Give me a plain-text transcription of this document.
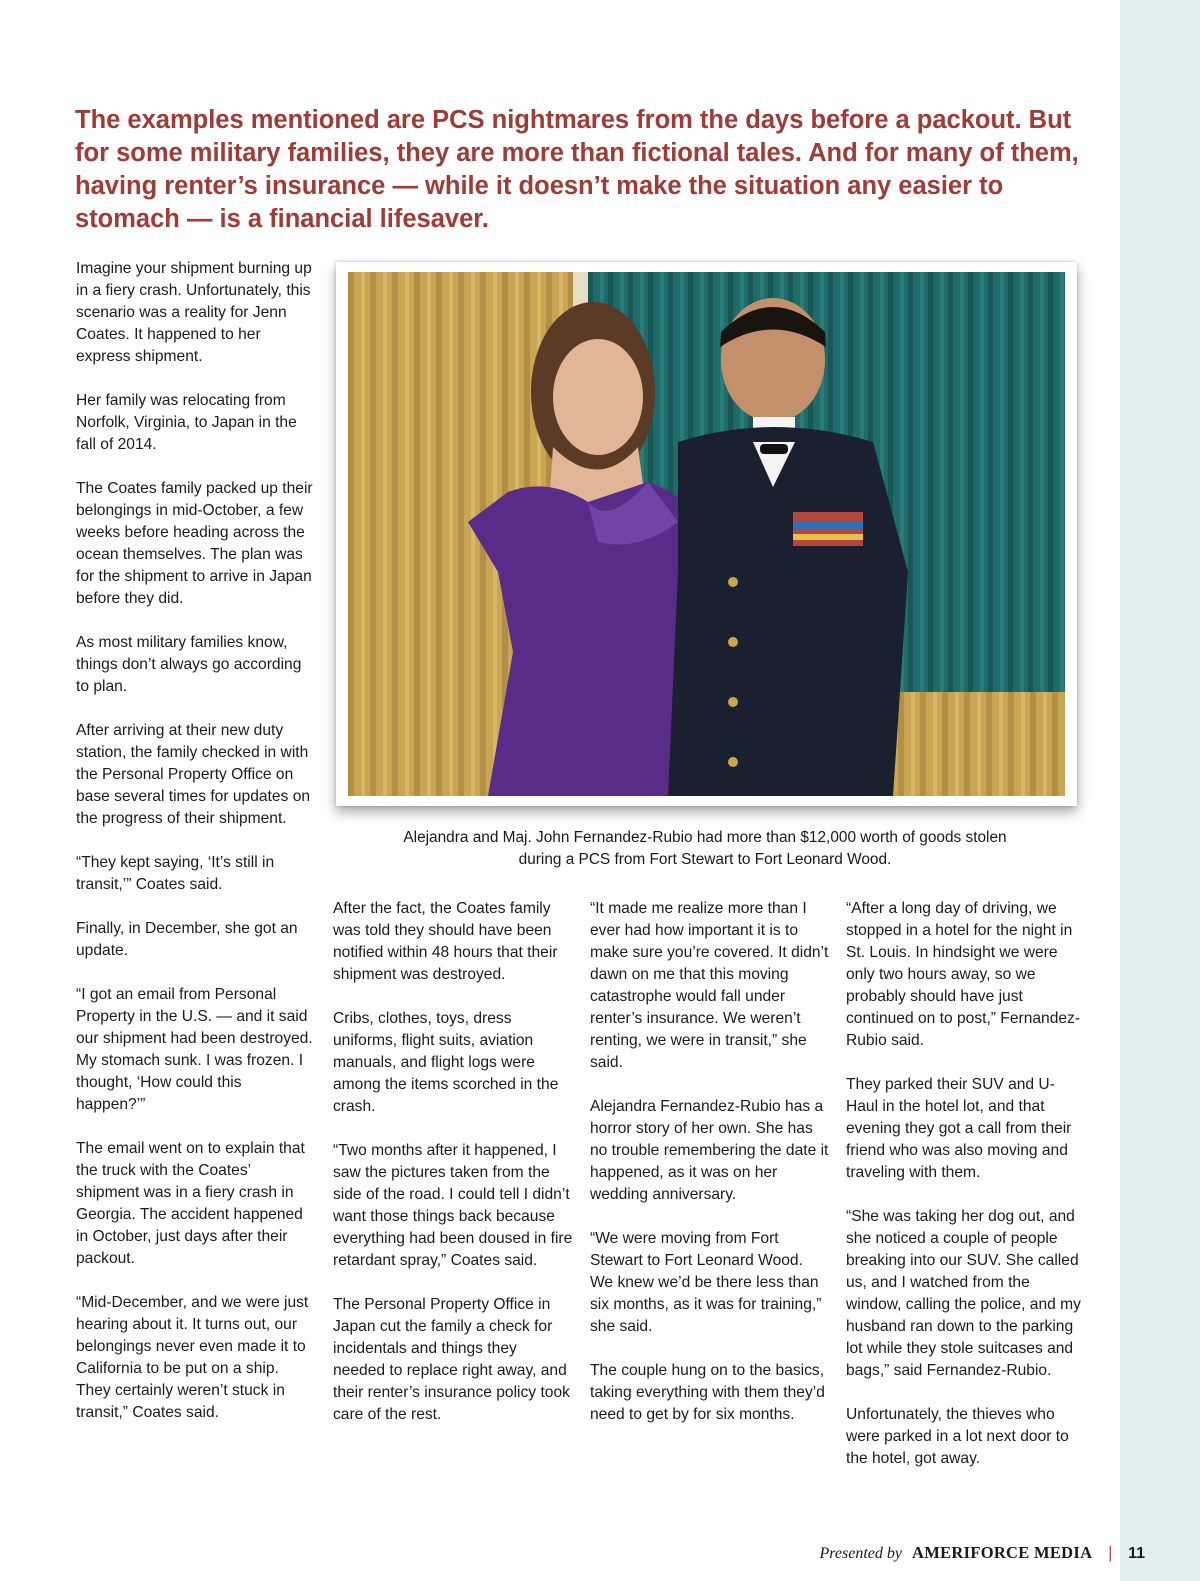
The examples mentioned are PCS nightmares from the days before a packout. But for some military families, they are more than fictional tales. And for many of them, having renter’s insurance — while it doesn’t make the situation any easier to stomach — is a financial lifesaver.

Imagine your shipment burning up in a fiery crash. Unfortunately, this scenario was a reality for Jenn Coates. It happened to her express shipment.

Her family was relocating from Norfolk, Virginia, to Japan in the fall of 2014.

The Coates family packed up their belongings in mid-October, a few weeks before heading across the ocean themselves. The plan was for the shipment to arrive in Japan before they did.

As most military families know, things don’t always go according to plan.

After arriving at their new duty station, the family checked in with the Personal Property Office on base several times for updates on the progress of their shipment.

“They kept saying, ‘It’s still in transit,’” Coates said.

Finally, in December, she got an update.

“I got an email from Personal Property in the U.S. — and it said our shipment had been destroyed. My stomach sunk. I was frozen. I thought, ‘How could this happen?’”

The email went on to explain that the truck with the Coates’ shipment was in a fiery crash in Georgia. The accident happened in October, just days after their packout.

“Mid-December, and we were just hearing about it. It turns out, our belongings never even made it to California to be put on a ship. They certainly weren’t stuck in transit,” Coates said.

Alejandra and Maj. John Fernandez-Rubio had more than $12,000 worth of goods stolen during a PCS from Fort Stewart to Fort Leonard Wood.

After the fact, the Coates family was told they should have been notified within 48 hours that their shipment was destroyed.

Cribs, clothes, toys, dress uniforms, flight suits, aviation manuals, and flight logs were among the items scorched in the crash.

“Two months after it happened, I saw the pictures taken from the side of the road. I could tell I didn’t want those things back because everything had been doused in fire retardant spray,” Coates said.

The Personal Property Office in Japan cut the family a check for incidentals and things they needed to replace right away, and their renter’s insurance policy took care of the rest.

“It made me realize more than I ever had how important it is to make sure you’re covered. It didn’t dawn on me that this moving catastrophe would fall under renter’s insurance. We weren’t renting, we were in transit,” she said.

Alejandra Fernandez-Rubio has a horror story of her own. She has no trouble remembering the date it happened, as it was on her wedding anniversary.

“We were moving from Fort Stewart to Fort Leonard Wood. We knew we’d be there less than six months, as it was for training,” she said.

The couple hung on to the basics, taking everything with them they’d need to get by for six months.

“After a long day of driving, we stopped in a hotel for the night in St. Louis. In hindsight we were only two hours away, so we probably should have just continued on to post,” Fernandez-Rubio said.

They parked their SUV and U-Haul in the hotel lot, and that evening they got a call from their friend who was also moving and traveling with them.

“She was taking her dog out, and she noticed a couple of people breaking into our SUV. She called us, and I watched from the window, calling the police, and my husband ran down to the parking lot while they stole suitcases and bags,” said Fernandez-Rubio.

Unfortunately, the thieves who were parked in a lot next door to the hotel, got away.

Presented by AMERIFORCE MEDIA |	11
